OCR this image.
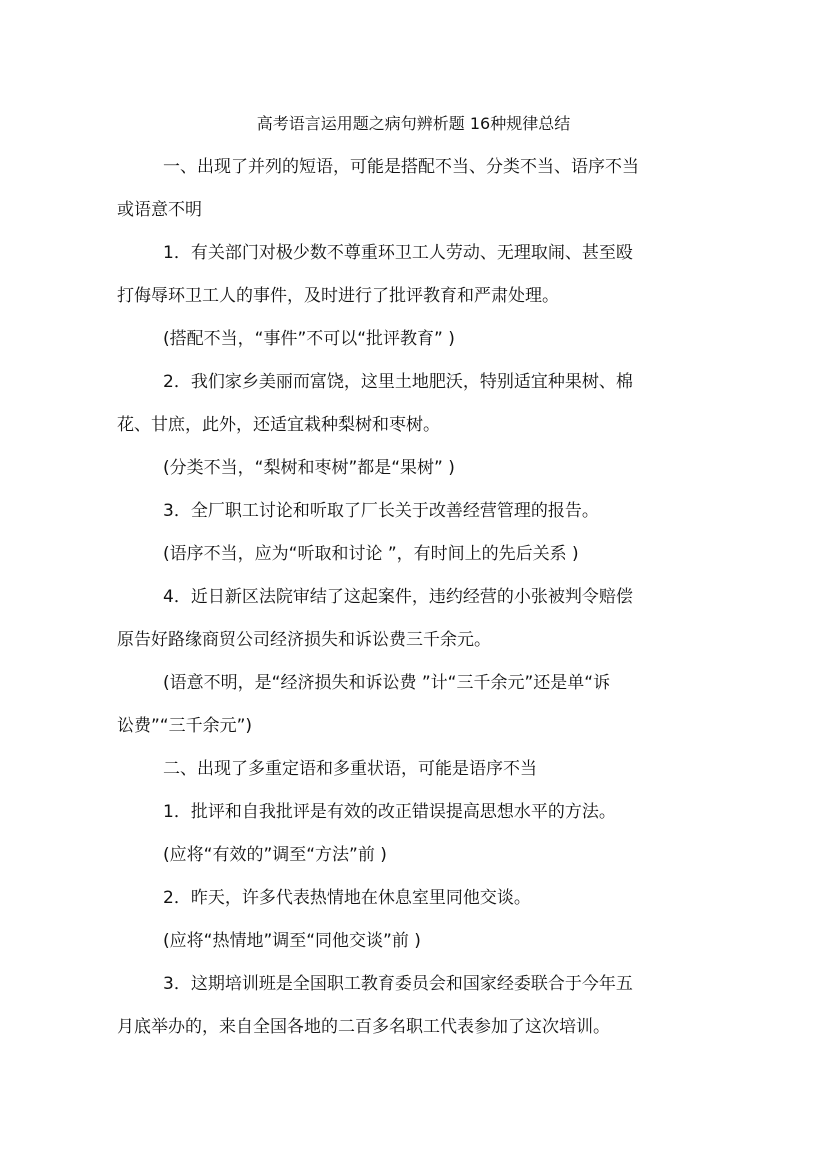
高考语言运用题之病句辨析题 16种规律总结
一、出现了并列的短语，可能是搭配不当、分类不当、语序不当
或语意不明
1．有关部门对极少数不尊重环卫工人劳动、无理取闹、甚至殴
打侮辱环卫工人的事件，及时进行了批评教育和严肃处理。
(搭配不当，“事件”不可以“批评教育” )
2．我们家乡美丽而富饶，这里土地肥沃，特别适宜种果树、棉
花、甘庶，此外，还适宜栽种梨树和枣树。
(分类不当，“梨树和枣树”都是“果树” )
3．全厂职工讨论和听取了厂长关于改善经营管理的报告。
(语序不当，应为“听取和讨论 ”，有时间上的先后关系 )
4．近日新区法院审结了这起案件，违约经营的小张被判令赔偿
原告好路缘商贸公司经济损失和诉讼费三千余元。
(语意不明，是“经济损失和诉讼费 ”计“三千余元”还是单“诉
讼费”“三千余元”)
二、出现了多重定语和多重状语，可能是语序不当
1．批评和自我批评是有效的改正错误提高思想水平的方法。
(应将“有效的”调至“方法”前 )
2．昨天，许多代表热情地在休息室里同他交谈。
(应将“热情地”调至“同他交谈”前 )
3．这期培训班是全国职工教育委员会和国家经委联合于今年五
月底举办的，来自全国各地的二百多名职工代表参加了这次培训。
